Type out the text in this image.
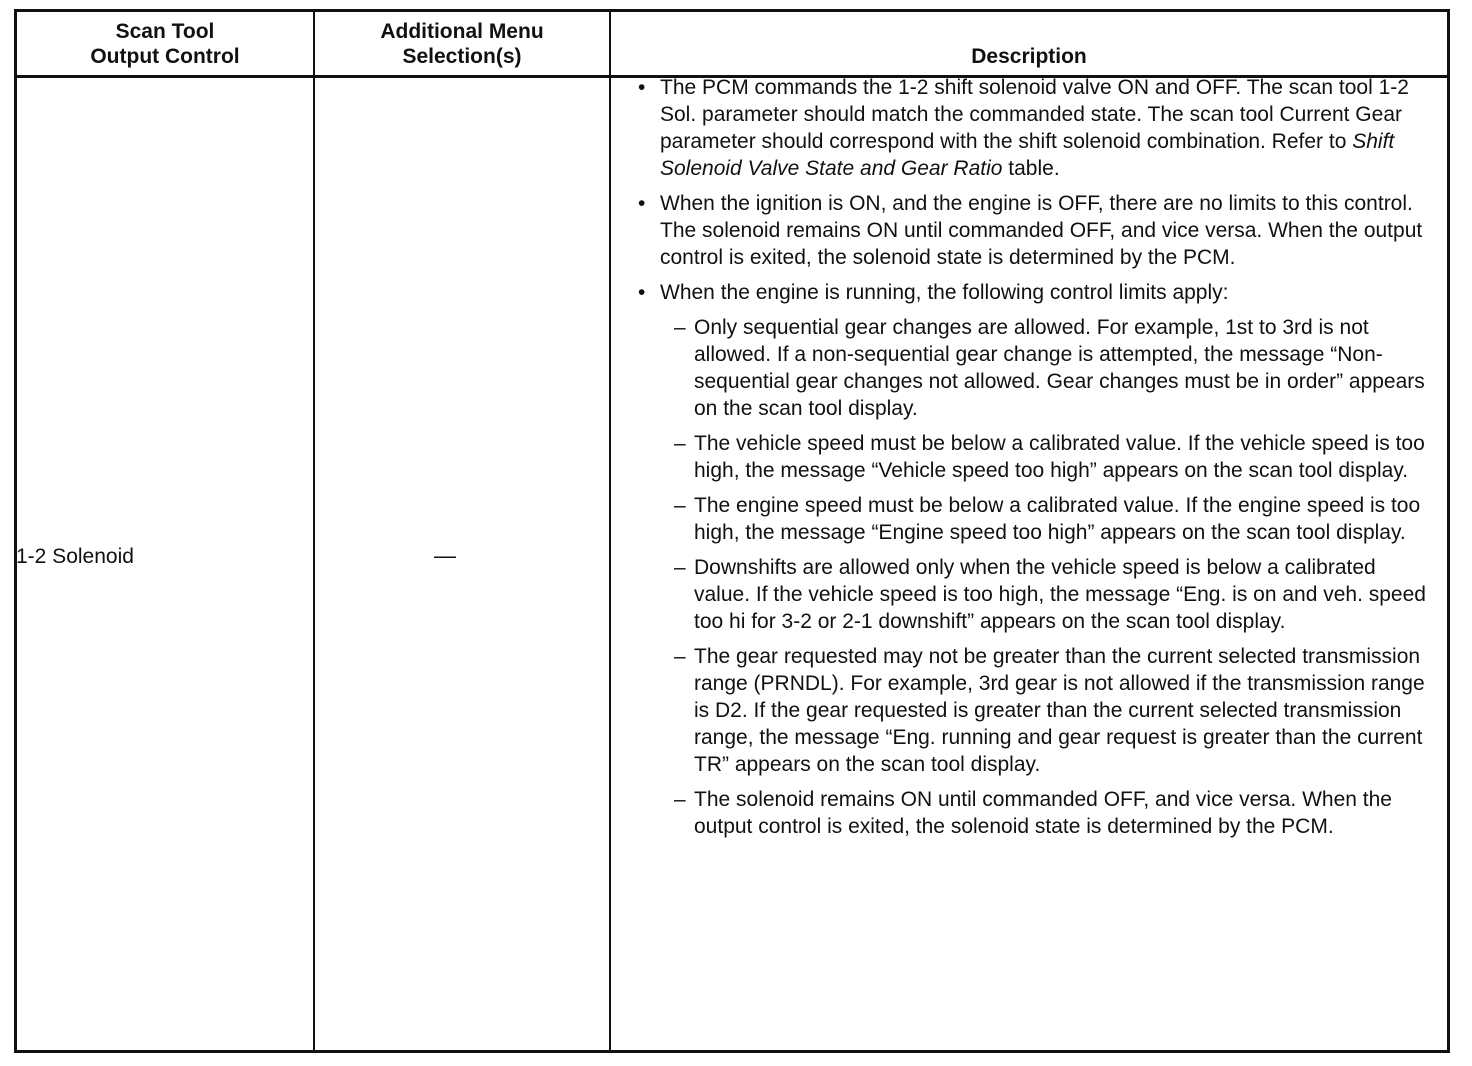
Scan Tool
Output Control
Additional Menu
Selection(s)	Description
1-2 Solenoid	—
• The PCM commands the 1-2 shift solenoid valve ON and OFF. The scan tool 1-2 Sol. parameter should match the commanded state. The scan tool Current Gear parameter should correspond with the shift solenoid combination. Refer to Shift Solenoid Valve State and Gear Ratio table.
• When the ignition is ON, and the engine is OFF, there are no limits to this control. The solenoid remains ON until commanded OFF, and vice versa. When the output control is exited, the solenoid state is determined by the PCM.
• When the engine is running, the following control limits apply:
– Only sequential gear changes are allowed. For example, 1st to 3rd is not allowed. If a non-sequential gear change is attempted, the message “Non-sequential gear changes not allowed. Gear changes must be in order” appears on the scan tool display.
– The vehicle speed must be below a calibrated value. If the vehicle speed is too high, the message “Vehicle speed too high” appears on the scan tool display.
– The engine speed must be below a calibrated value. If the engine speed is too high, the message “Engine speed too high” appears on the scan tool display.
– Downshifts are allowed only when the vehicle speed is below a calibrated value. If the vehicle speed is too high, the message “Eng. is on and veh. speed too hi for 3-2 or 2-1 downshift” appears on the scan tool display.
– The gear requested may not be greater than the current selected transmission range (PRNDL). For example, 3rd gear is not allowed if the transmission range is D2. If the gear requested is greater than the current selected transmission range, the message “Eng. running and gear request is greater than the current TR” appears on the scan tool display.
– The solenoid remains ON until commanded OFF, and vice versa. When the output control is exited, the solenoid state is determined by the PCM.
